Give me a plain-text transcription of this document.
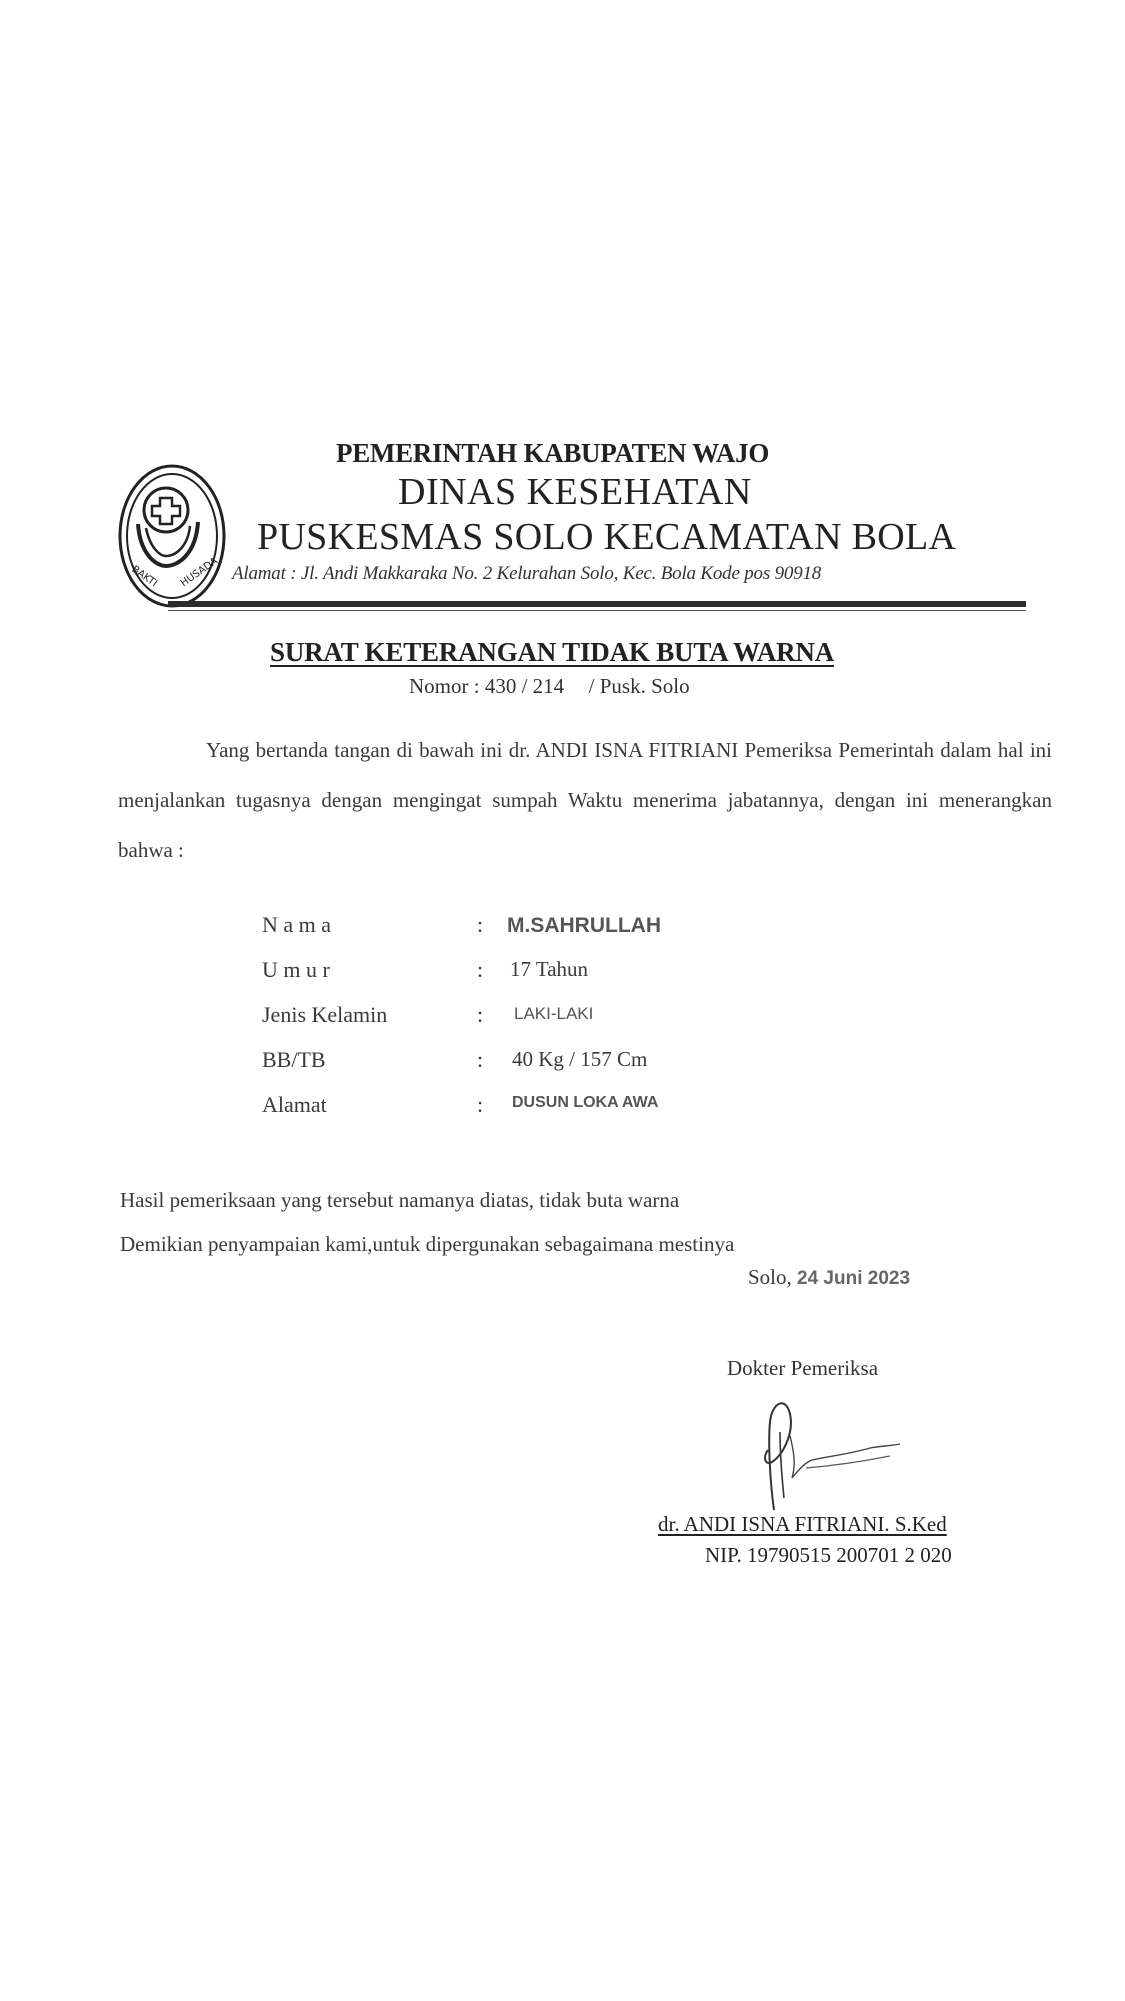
BAKTI HUSADA
PEMERINTAH KABUPATEN WAJO
DINAS KESEHATAN
PUSKESMAS SOLO KECAMATAN BOLA
Alamat : Jl. Andi Makkaraka No. 2 Kelurahan Solo, Kec. Bola Kode pos 90918
SURAT KETERANGAN TIDAK BUTA WARNA
Nomor : 430 / 214 / Pusk. Solo
Yang bertanda tangan di bawah ini dr. ANDI ISNA FITRIANI Pemeriksa Pemerintah dalam hal ini menjalankan tugasnya dengan mengingat sumpah Waktu menerima jabatannya, dengan ini menerangkan bahwa :
N a m a	: M.SAHRULLAH
U m u r	: 17 Tahun
Jenis Kelamin	: LAKI-LAKI
BB/TB	: 40 Kg / 157 Cm
Alamat	: DUSUN LOKA AWA
Hasil pemeriksaan yang tersebut namanya diatas, tidak buta warna
Demikian penyampaian kami,untuk dipergunakan sebagaimana mestinya
Solo, 24 Juni 2023
Dokter Pemeriksa
dr. ANDI ISNA FITRIANI. S.Ked
NIP. 19790515 200701 2 020
